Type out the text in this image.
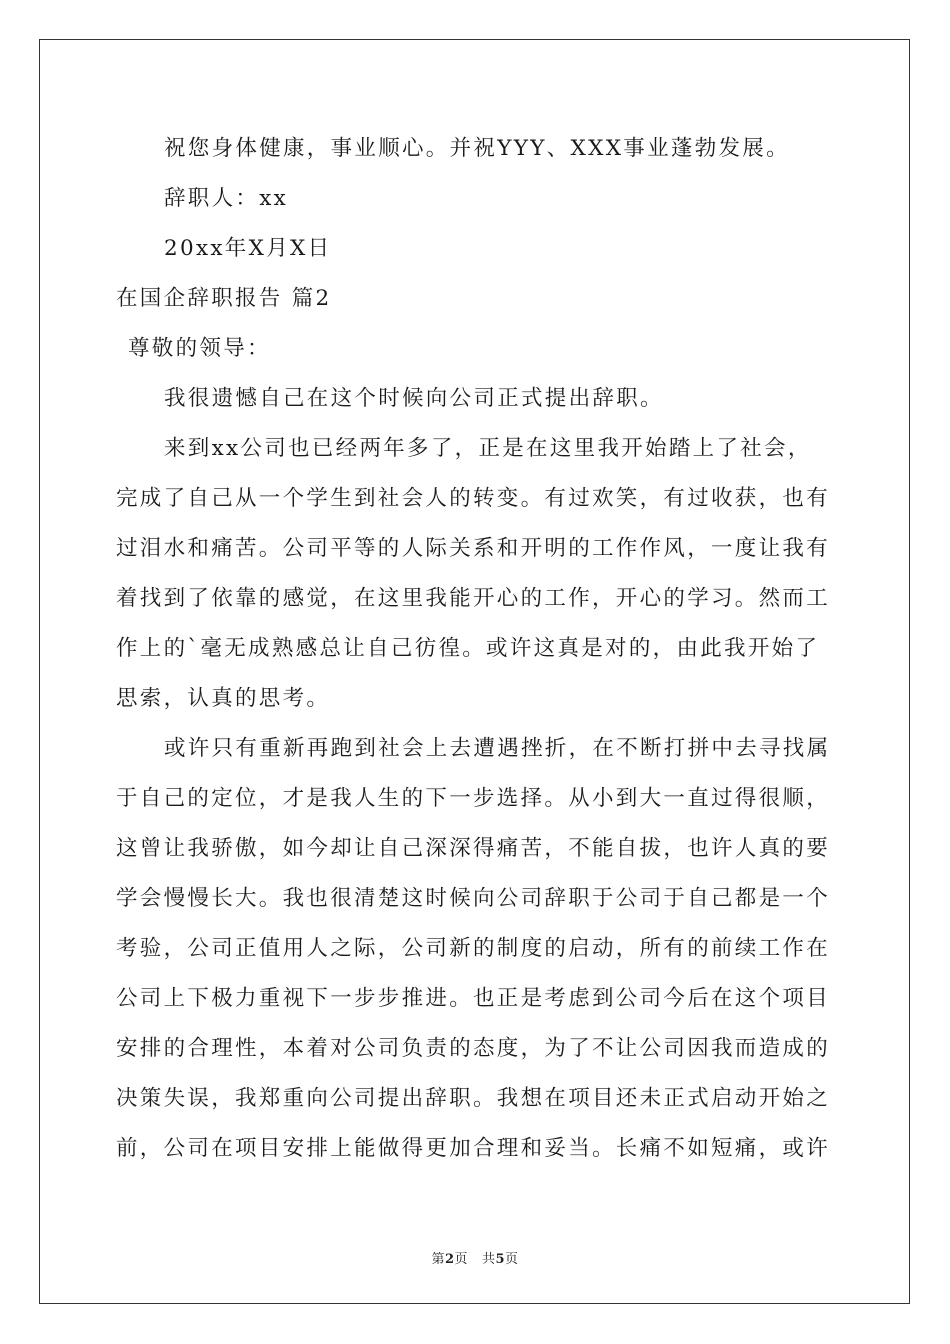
祝您身体健康，事业顺心。并祝YYY、XXX事业蓬勃发展。
辞职人：xx
20xx年X月X日
在国企辞职报告 篇2
尊敬的领导：
我很遗憾自己在这个时候向公司正式提出辞职。
来到xx公司也已经两年多了，正是在这里我开始踏上了社会，
完成了自己从一个学生到社会人的转变。有过欢笑，有过收获，也有
过泪水和痛苦。公司平等的人际关系和开明的工作作风，一度让我有
着找到了依靠的感觉，在这里我能开心的工作，开心的学习。然而工
作上的`毫无成熟感总让自己彷徨。或许这真是对的，由此我开始了
思索，认真的思考。
或许只有重新再跑到社会上去遭遇挫折，在不断打拼中去寻找属
于自己的定位，才是我人生的下一步选择。从小到大一直过得很顺，
这曾让我骄傲，如今却让自己深深得痛苦，不能自拔，也许人真的要
学会慢慢长大。我也很清楚这时候向公司辞职于公司于自己都是一个
考验，公司正值用人之际，公司新的制度的启动，所有的前续工作在
公司上下极力重视下一步步推进。也正是考虑到公司今后在这个项目
安排的合理性，本着对公司负责的态度，为了不让公司因我而造成的
决策失误，我郑重向公司提出辞职。我想在项目还未正式启动开始之
前，公司在项目安排上能做得更加合理和妥当。长痛不如短痛，或许
第2页 共5页
